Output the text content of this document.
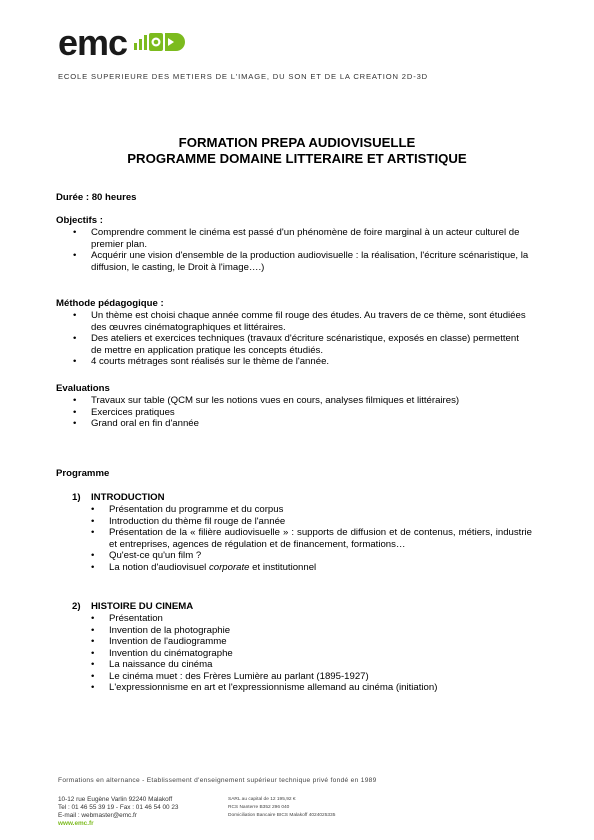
emc
ECOLE SUPERIEURE DES METIERS DE L'IMAGE, DU SON ET DE LA CREATION 2D-3D
FORMATION PREPA AUDIOVISUELLE
PROGRAMME DOMAINE LITTERAIRE ET ARTISTIQUE
Durée : 80 heures
Objectifs :
• Comprendre comment le cinéma est passé d'un phénomène de foire marginal à un acteur culturel de premier plan.
• Acquérir une vision d'ensemble de la production audiovisuelle : la réalisation, l'écriture scénaristique, la diffusion, le casting, le Droit à l'image….)
Méthode pédagogique :
• Un thème est choisi chaque année comme fil rouge des études. Au travers de ce thème, sont étudiées des œuvres cinématographiques et littéraires.
• Des ateliers et exercices techniques (travaux d'écriture scénaristique, exposés en classe) permettent de mettre en application pratique les concepts étudiés.
• 4 courts métrages sont réalisés sur le thème de l'année.
Evaluations
• Travaux sur table (QCM sur les notions vues en cours, analyses filmiques et littéraires)
• Exercices pratiques
• Grand oral en fin d'année
Programme
1) INTRODUCTION
• Présentation du programme et du corpus
• Introduction du thème fil rouge de l'année
• Présentation de la « filière audiovisuelle » : supports de diffusion et de contenus, métiers, industrie et entreprises, agences de régulation et de financement, formations…
• Qu'est-ce qu'un film ?
• La notion d'audiovisuel corporate et institutionnel
2) HISTOIRE DU CINEMA
• Présentation
• Invention de la photographie
• Invention de l'audiogramme
• Invention du cinématographe
• La naissance du cinéma
• Le cinéma muet : des Frères Lumière au parlant (1895-1927)
• L'expressionnisme en art et l'expressionnisme allemand au cinéma (initiation)
Formations en alternance - Etablissement d'enseignement supérieur technique privé fondé en 1989
10-12 rue Eugène Varlin 92240 Malakoff
Tel : 01 46 55 39 19 - Fax : 01 46 54 00 23
E-mail : webmaster@emc.fr
www.emc.fr
SARL au capital de 12 195,92 €
RCS Nanterre B352 296 040
Domiciliation Bancaire BICS Malakoff 4024025335
